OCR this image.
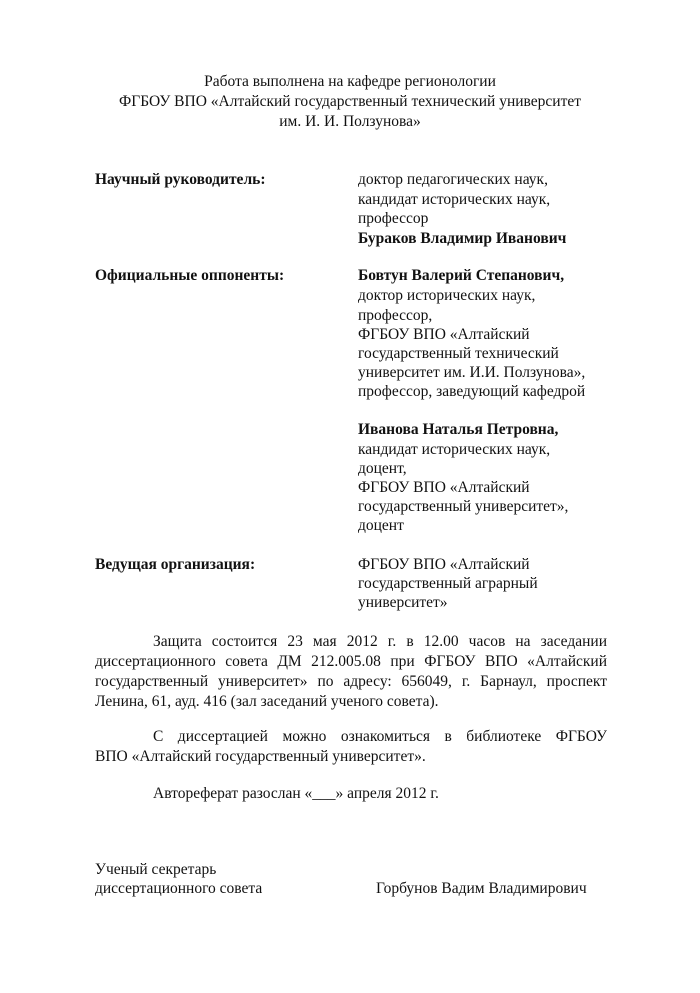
Работа выполнена на кафедре регионологии
ФГБОУ ВПО «Алтайский государственный технический университет
им. И. И. Ползунова»
Научный руководитель:	доктор педагогических наук,
кандидат исторических наук,
профессор
Бураков Владимир Иванович
Официальные оппоненты:	Бовтун Валерий Степанович,
доктор исторических наук,
профессор,
ФГБОУ ВПО «Алтайский
государственный технический
университет им. И.И. Ползунова»,
профессор, заведующий кафедрой
Иванова Наталья Петровна,
кандидат исторических наук,
доцент,
ФГБОУ ВПО «Алтайский
государственный университет»,
доцент
Ведущая организация:	ФГБОУ ВПО «Алтайский
государственный аграрный
университет»
Защита состоится 23 мая 2012 г. в 12.00 часов на заседании
диссертационного совета ДМ 212.005.08 при ФГБОУ ВПО «Алтайский
государственный университет» по адресу: 656049, г. Барнаул, проспект
Ленина, 61, ауд. 416 (зал заседаний ученого совета).
С диссертацией можно ознакомиться в библиотеке ФГБОУ
ВПО «Алтайский государственный университет».
Автореферат разослан «___» апреля 2012 г.
Ученый секретарь
диссертационного совета	Горбунов Вадим Владимирович
